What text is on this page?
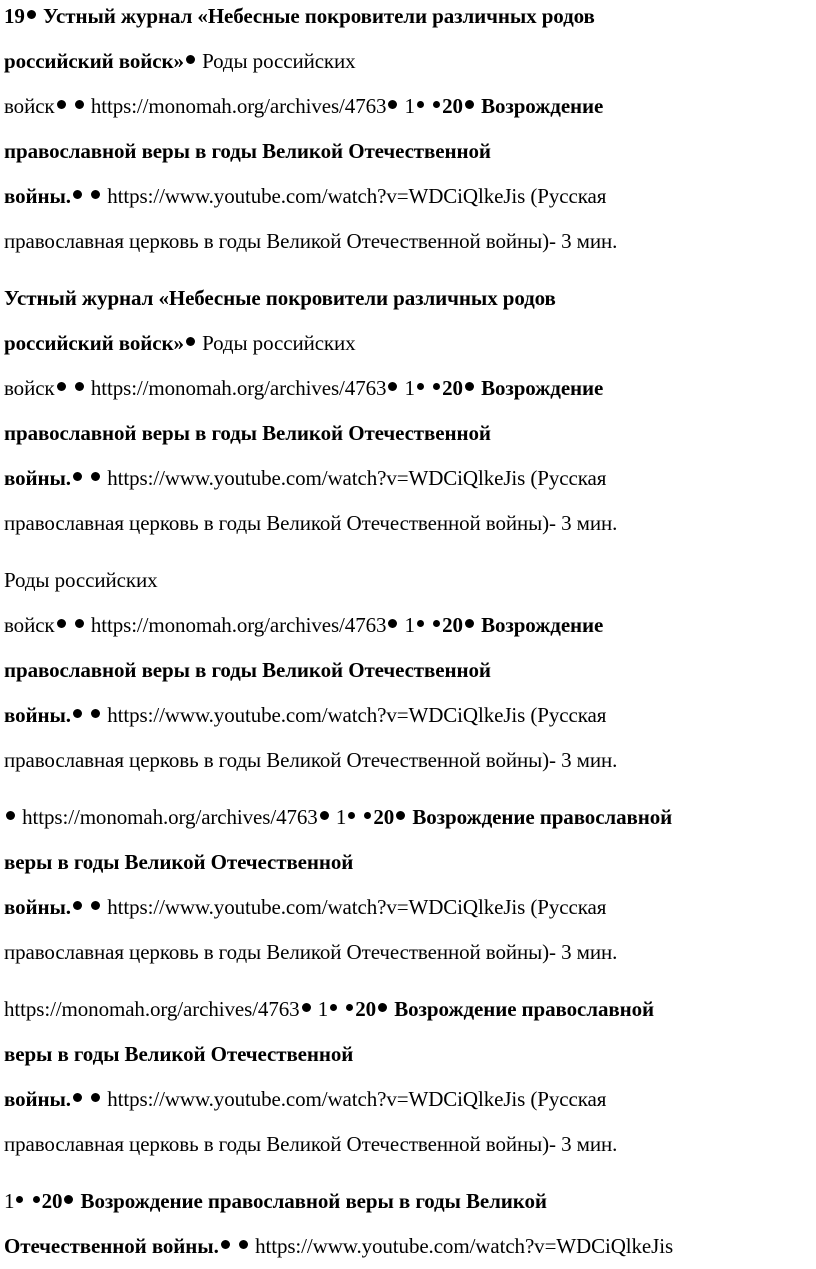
19 Устный журнал «Небесные покровители различных родов
российский войск» Роды российских
войск https://monomah.org/archives/4763 1 20 Возрождение
православной веры в годы Великой Отечественной
войны. https://www.youtube.com/watch?v=WDCiQlkeJis (Русская
православная церковь в годы Великой Отечественной войны)- 3 мин.

Устный журнал «Небесные покровители различных родов
российский войск» Роды российских
войск https://monomah.org/archives/4763 1 20 Возрождение
православной веры в годы Великой Отечественной
войны. https://www.youtube.com/watch?v=WDCiQlkeJis (Русская
православная церковь в годы Великой Отечественной войны)- 3 мин.

Роды российских
войск https://monomah.org/archives/4763 1 20 Возрождение
православной веры в годы Великой Отечественной
войны. https://www.youtube.com/watch?v=WDCiQlkeJis (Русская
православная церковь в годы Великой Отечественной войны)- 3 мин.

https://monomah.org/archives/4763 1 20 Возрождение православной
веры в годы Великой Отечественной
войны. https://www.youtube.com/watch?v=WDCiQlkeJis (Русская
православная церковь в годы Великой Отечественной войны)- 3 мин.

https://monomah.org/archives/4763 1 20 Возрождение православной
веры в годы Великой Отечественной
войны. https://www.youtube.com/watch?v=WDCiQlkeJis (Русская
православная церковь в годы Великой Отечественной войны)- 3 мин.

1 20 Возрождение православной веры в годы Великой
Отечественной войны. https://www.youtube.com/watch?v=WDCiQlkeJis
